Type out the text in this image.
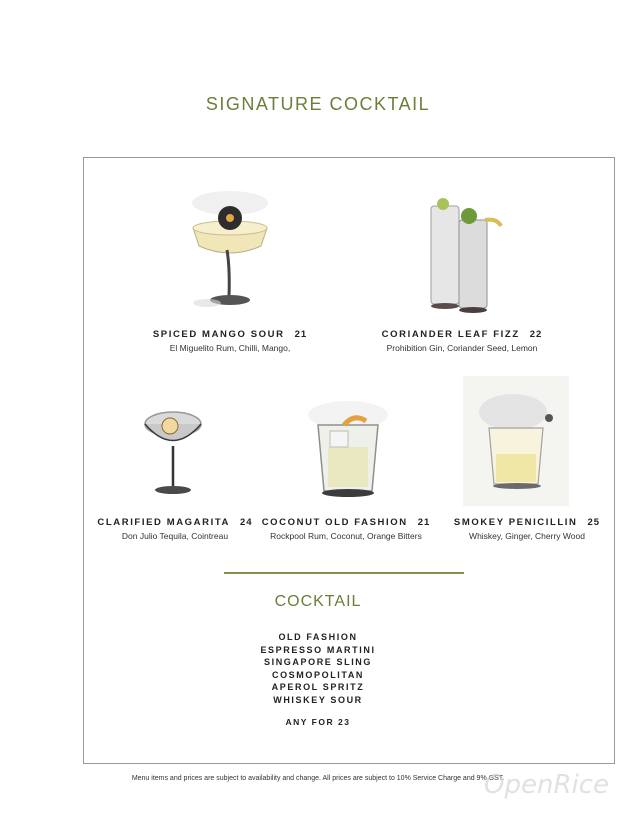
SIGNATURE COCKTAIL
SPICED MANGO SOUR 21
El Miguelito Rum, Chilli, Mango,
CORIANDER LEAF FIZZ 22
Prohibition Gin, Coriander Seed, Lemon
CLARIFIED MAGARITA 24
Don Julio Tequila, Cointreau
COCONUT OLD FASHION 21
Rockpool Rum, Coconut, Orange Bitters
SMOKEY PENICILLIN 25
Whiskey, Ginger, Cherry Wood
COCKTAIL
OLD FASHION
ESPRESSO MARTINI
SINGAPORE SLING
COSMOPOLITAN
APEROL SPRITZ
WHISKEY SOUR
ANY FOR 23
Menu items and prices are subject to availability and change. All prices are subject to 10% Service Charge and 9% GST.
OpenRice
